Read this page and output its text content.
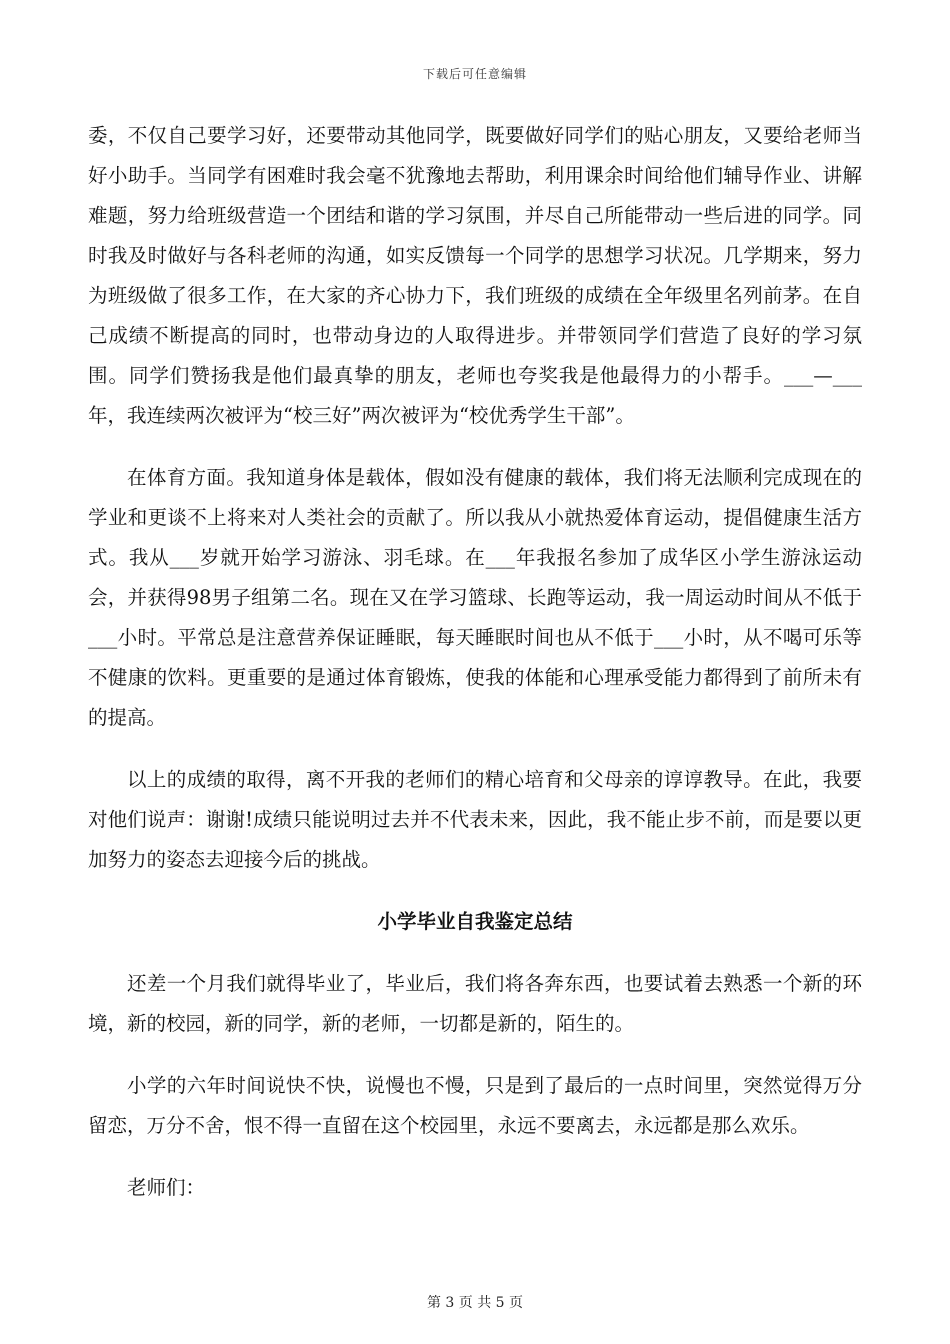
下载后可任意编辑

委，不仅自己要学习好，还要带动其他同学，既要做好同学们的贴心朋友，又要给老师当好小助手。当同学有困难时我会毫不犹豫地去帮助，利用课余时间给他们辅导作业、讲解难题，努力给班级营造一个团结和谐的学习氛围，并尽自己所能带动一些后进的同学。同时我及时做好与各科老师的沟通，如实反馈每一个同学的思想学习状况。几学期来，努力为班级做了很多工作，在大家的齐心协力下，我们班级的成绩在全年级里名列前茅。在自己成绩不断提高的同时，也带动身边的人取得进步。并带领同学们营造了良好的学习氛围。同学们赞扬我是他们最真挚的朋友，老师也夸奖我是他最得力的小帮手。___—___年，我连续两次被评为“校三好”两次被评为“校优秀学生干部”。

在体育方面。我知道身体是载体，假如没有健康的载体，我们将无法顺利完成现在的学业和更谈不上将来对人类社会的贡献了。所以我从小就热爱体育运动，提倡健康生活方式。我从___岁就开始学习游泳、羽毛球。在___年我报名参加了成华区小学生游泳运动会，并获得98男子组第二名。现在又在学习篮球、长跑等运动，我一周运动时间从不低于___小时。平常总是注意营养保证睡眠，每天睡眠时间也从不低于___小时，从不喝可乐等不健康的饮料。更重要的是通过体育锻炼，使我的体能和心理承受能力都得到了前所未有的提高。

以上的成绩的取得，离不开我的老师们的精心培育和父母亲的谆谆教导。在此，我要对他们说声：谢谢!成绩只能说明过去并不代表未来，因此，我不能止步不前，而是要以更加努力的姿态去迎接今后的挑战。

小学毕业自我鉴定总结

还差一个月我们就得毕业了，毕业后，我们将各奔东西，也要试着去熟悉一个新的环境，新的校园，新的同学，新的老师，一切都是新的，陌生的。

小学的六年时间说快不快，说慢也不慢，只是到了最后的一点时间里，突然觉得万分留恋，万分不舍，恨不得一直留在这个校园里，永远不要离去，永远都是那么欢乐。

老师们：

第 3 页 共 5 页
